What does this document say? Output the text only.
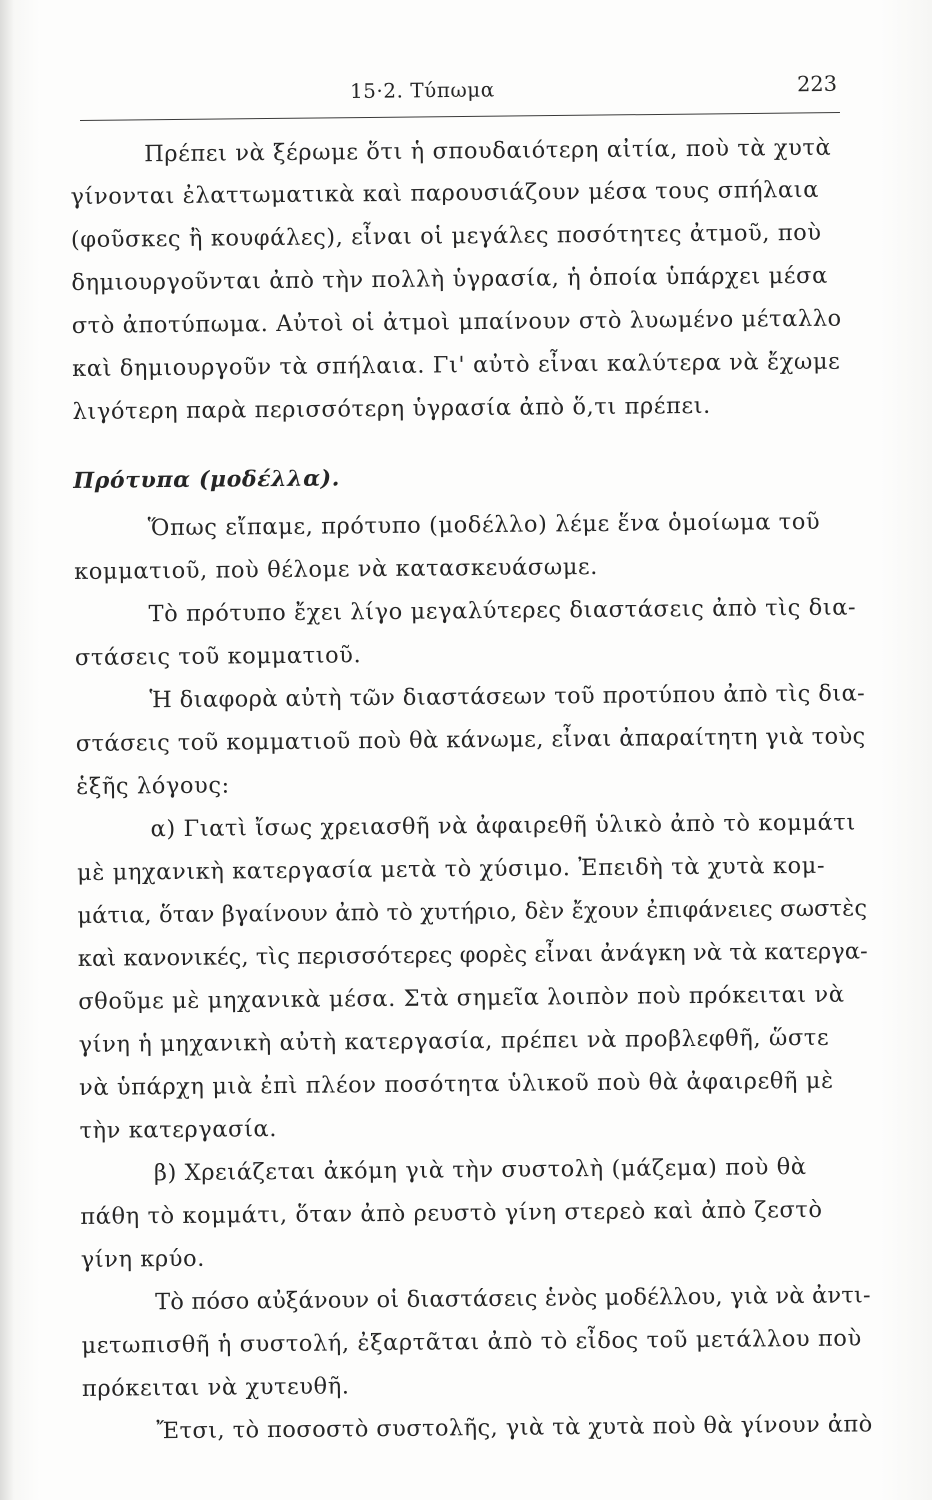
15·2. Τύπωμα	223
Πρέπει νὰ ξέρωμε ὅτι ἡ σπουδαιότερη αἰτία, ποὺ τὰ χυτὰ
γίνονται ἐλαττωματικὰ καὶ παρουσιάζουν μέσα τους σπήλαια
(φοῦσκες ἢ κουφάλες), εἶναι οἱ μεγάλες ποσότητες ἀτμοῦ, ποὺ
δημιουργοῦνται ἀπὸ τὴν πολλὴ ὑγρασία, ἡ ὁποία ὑπάρχει μέσα
στὸ ἀποτύπωμα. Αὐτοὶ οἱ ἀτμοὶ μπαίνουν στὸ λυωμένο μέταλλο
καὶ δημιουργοῦν τὰ σπήλαια. Γι' αὐτὸ εἶναι καλύτερα νὰ ἔχωμε
λιγότερη παρὰ περισσότερη ὑγρασία ἀπὸ ὅ,τι πρέπει.
Πρότυπα (μοδέλλα).
Ὅπως εἴπαμε, πρότυπο (μοδέλλο) λέμε ἕνα ὁμοίωμα τοῦ
κομματιοῦ, ποὺ θέλομε νὰ κατασκευάσωμε.
Τὸ πρότυπο ἔχει λίγο μεγαλύτερες διαστάσεις ἀπὸ τὶς δια-
στάσεις τοῦ κομματιοῦ.
Ἡ διαφορὰ αὐτὴ τῶν διαστάσεων τοῦ προτύπου ἀπὸ τὶς δια-
στάσεις τοῦ κομματιοῦ ποὺ θὰ κάνωμε, εἶναι ἀπαραίτητη γιὰ τοὺς
ἑξῆς λόγους:
α) Γιατὶ ἴσως χρειασθῆ νὰ ἀφαιρεθῆ ὑλικὸ ἀπὸ τὸ κομμάτι
μὲ μηχανικὴ κατεργασία μετὰ τὸ χύσιμο. Ἐπειδὴ τὰ χυτὰ κομ-
μάτια, ὅταν βγαίνουν ἀπὸ τὸ χυτήριο, δὲν ἔχουν ἐπιφάνειες σωστὲς
καὶ κανονικές, τὶς περισσότερες φορὲς εἶναι ἀνάγκη νὰ τὰ κατεργα-
σθοῦμε μὲ μηχανικὰ μέσα. Στὰ σημεῖα λοιπὸν ποὺ πρόκειται νὰ
γίνη ἡ μηχανικὴ αὐτὴ κατεργασία, πρέπει νὰ προβλεφθῆ, ὥστε
νὰ ὑπάρχη μιὰ ἐπὶ πλέον ποσότητα ὑλικοῦ ποὺ θὰ ἀφαιρεθῆ μὲ
τὴν κατεργασία.
β) Χρειάζεται ἀκόμη γιὰ τὴν συστολὴ (μάζεμα) ποὺ θὰ
πάθη τὸ κομμάτι, ὅταν ἀπὸ ρευστὸ γίνη στερεὸ καὶ ἀπὸ ζεστὸ
γίνη κρύο.
Τὸ πόσο αὐξάνουν οἱ διαστάσεις ἑνὸς μοδέλλου, γιὰ νὰ ἀντι-
μετωπισθῆ ἡ συστολή, ἐξαρτᾶται ἀπὸ τὸ εἶδος τοῦ μετάλλου ποὺ
πρόκειται νὰ χυτευθῆ.
Ἔτσι, τὸ ποσοστὸ συστολῆς, γιὰ τὰ χυτὰ ποὺ θὰ γίνουν ἀπὸ
